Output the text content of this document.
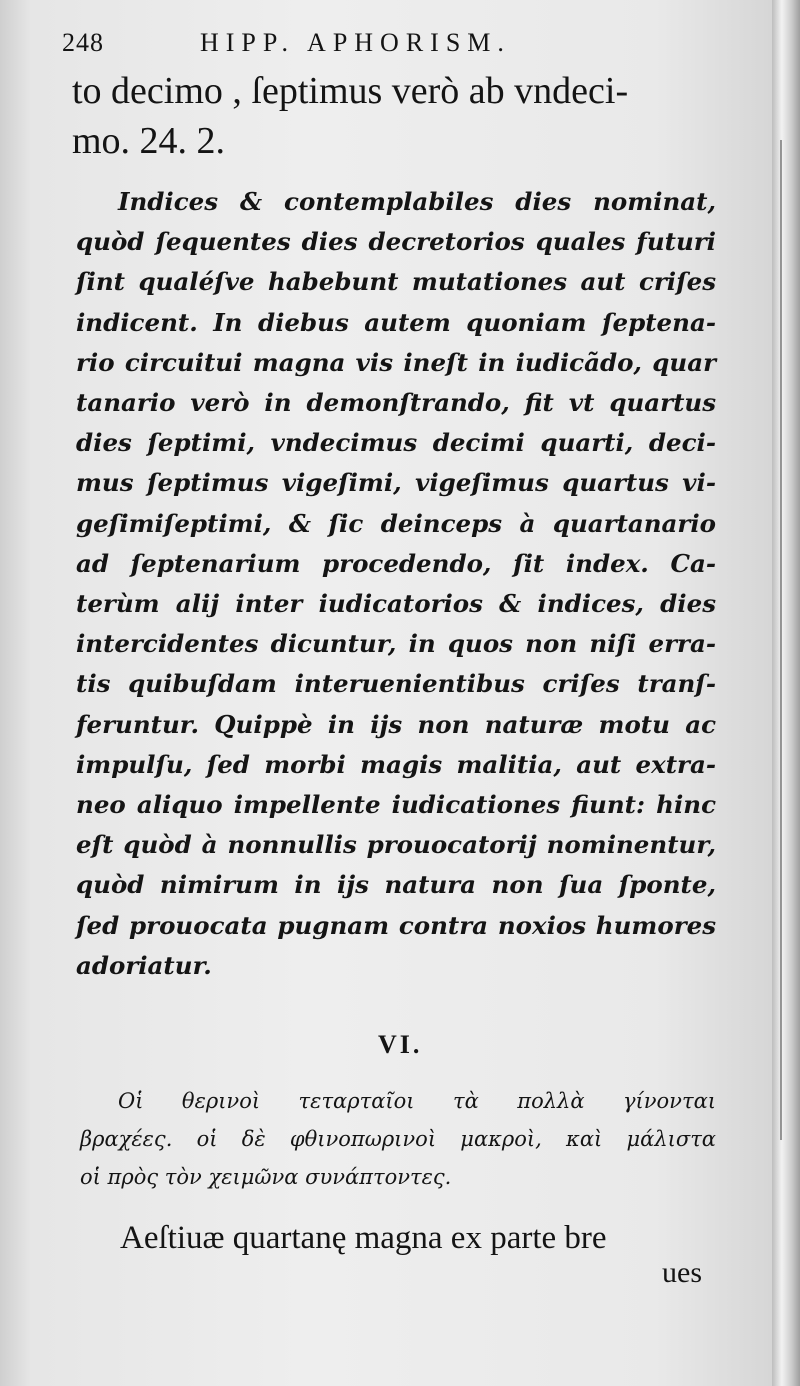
248	HIPP. APHORISM.
to decimo , ſeptimus verò ab vndeci-
mo. 24. 2.
Indices & contemplabiles dies nominat,
quòd ſequentes dies decretorios quales futuri
ſint qualéſve habebunt mutationes aut criſes
indicent. In diebus autem quoniam ſeptena-
rio circuitui magna vis ineſt in iudicãdo, quar
tanario verò in demonſtrando, fit vt quartus
dies ſeptimi, vndecimus decimi quarti, deci-
mus ſeptimus vigeſimi, vigeſimus quartus vi-
geſimiſeptimi, & ſic deinceps à quartanario
ad ſeptenarium procedendo, ſit index. Ca-
terùm alij inter iudicatorios & indices, dies
intercidentes dicuntur, in quos non niſi erra-
tis quibuſdam interuenientibus criſes tranſ-
feruntur. Quippè in ijs non naturæ motu ac
impulſu, ſed morbi magis malitia, aut extra-
neo aliquo impellente iudicationes fiunt: hinc
eſt quòd à nonnullis prouocatorij nominentur,
quòd nimirum in ijs natura non ſua ſponte,
ſed prouocata pugnam contra noxios humores
adoriatur.
VI.
Οἱ θερινοὶ τεταρταῖοι τὰ πολλὰ γίνονται
βραχέες. οἱ δὲ φθινοπωρινοὶ μακροὶ, καὶ μάλιστα
οἱ πρὸς τὸν χειμῶνα συνάπτοντες.
Aeſtiuæ quartanę magna ex parte bre
ues
